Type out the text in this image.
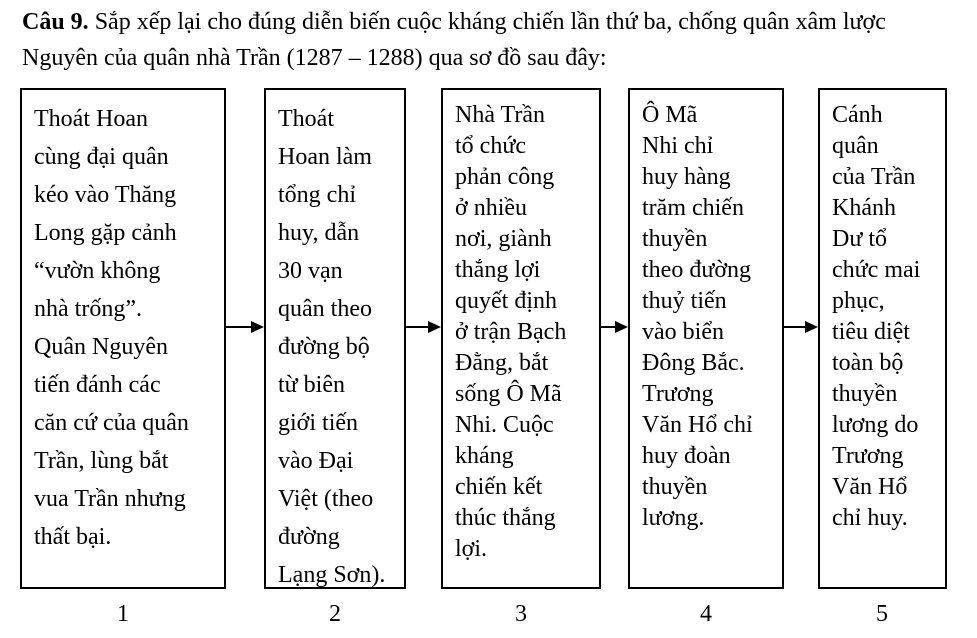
Câu 9. Sắp xếp lại cho đúng diễn biến cuộc kháng chiến lần thứ ba, chống quân xâm lược Nguyên của quân nhà Trần (1287 – 1288) qua sơ đồ sau đây:
Thoát Hoan
cùng đại quân
kéo vào Thăng
Long gặp cảnh
“vườn không
nhà trống”.
Quân Nguyên
tiến đánh các
căn cứ của quân
Trần, lùng bắt
vua Trần nhưng
thất bại.
Thoát
Hoan làm
tổng chỉ
huy, dẫn
30 vạn
quân theo
đường bộ
từ biên
giới tiến
vào Đại
Việt (theo
đường
Lạng Sơn).
Nhà Trần
tổ chức
phản công
ở nhiều
nơi, giành
thắng lợi
quyết định
ở trận Bạch
Đằng, bắt
sống Ô Mã
Nhi. Cuộc
kháng
chiến kết
thúc thắng
lợi.
Ô Mã
Nhi chỉ
huy hàng
trăm chiến
thuyền
theo đường
thuỷ tiến
vào biển
Đông Bắc.
Trương
Văn Hổ chỉ
huy đoàn
thuyền
lương.
Cánh
quân
của Trần
Khánh
Dư tổ
chức mai
phục,
tiêu diệt
toàn bộ
thuyền
lương do
Trương
Văn Hổ
chỉ huy.
1	2	3	4	5
